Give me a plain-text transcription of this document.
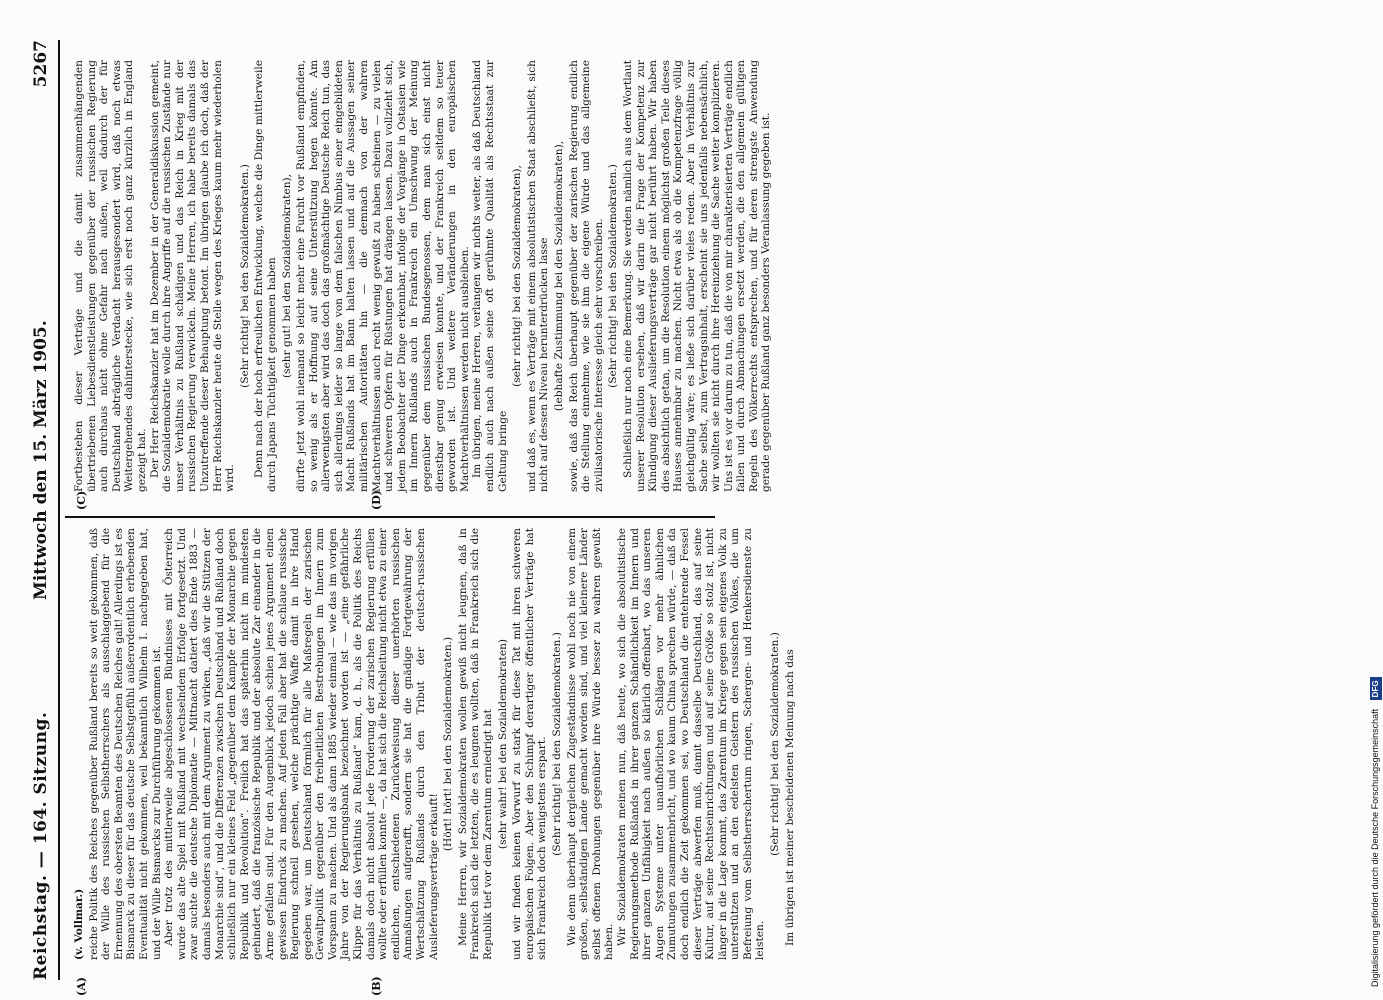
Reichstag. — 164. Sitzung.
Mittwoch den 15. März 1905.
5267
(A)	(B)
(C)	(D)

(v. Vollmar.) reiche Politik des Reiches gegenüber Rußland bereits so weit gekommen, daß der Wille des russischen Selbstherrschers als ausschlaggebend für die Ernennung des obersten Beamten des Deutschen Reiches galt! Allerdings ist es Bismarck zu dieser für das deutsche Selbstgefühl außerordentlich erhebenden Eventualität nicht gekommen, weil bekanntlich Wilhelm I. nachgegeben hat, und der Wille Bismarcks zur Durchführung gekommen ist. Aber trotz des mittlerweile abgeschlossenen Bündnisses mit Österreich wurde das alte Spiel mit Rußland mit wechselndem Erfolge fortgesetzt. Und zwar suchte die deutsche Diplomatie — Mittnacht datiert dies Ende 1883 — damals besonders auch mit dem Argument zu wirken, „daß wir die Stützen der Monarchie sind“, und die Differenzen zwischen Deutschland und Rußland doch schließlich nur ein kleines Feld „gegenüber dem Kampfe der Monarchie gegen Republik und Revolution“. Freilich hat das späterhin nicht im mindesten gehindert, daß die französische Republik und der absolute Zar einander in die Arme gefallen sind. Für den Augenblick jedoch schien jenes Argument einen gewissen Eindruck zu machen. Auf jeden Fall aber hat die schlaue russische Regierung schnell gesehen, welche prächtige Waffe damit in ihre Hand gegeben war, um Deutschland förmlich für alle Maßregeln der zarischen Gewaltpolitik gegenüber den freiheitlichen Bestrebungen im Innern zum Vorspann zu machen. Und als dann 1885 wieder einmal — wie das im vorigen Jahre von der Regierungsbank bezeichnet worden ist — „eine gefährliche Klippe für das Verhältnis zu Rußland“ kam, d. h., als die Politik des Reichs damals doch nicht absolut jede Forderung der zarischen Regierung erfüllen wollte oder erfüllen konnte —, da hat sich die Reichsleitung nicht etwa zu einer endlichen, entschiedenen Zurückweisung dieser unerhörten russischen Anmaßungen aufgerafft, sondern sie hat die gnädige Fortgewährung der Wertschätzung Rußlands durch den Tribut der deutsch-russischen Auslieferungsverträge erkauft!

(Hört! hört! bei den Sozialdemokraten.) Meine Herren, wir Sozialdemokraten wollen gewiß nicht leugnen, daß in Frankreich sich die letzten, die es leugnen wollten, daß in Frankreich sich die Republik tief vor dem Zarentum erniedrigt hat (sehr wahr! bei den Sozialdemokraten) und wir finden keinen Vorwurf zu stark für diese Tat mit ihren schweren europäischen Folgen. Aber den Schimpf derartiger öffentlicher Verträge hat sich Frankreich doch wenigstens erspart. (Sehr richtig! bei den Sozialdemokraten.) Wie denn überhaupt dergleichen Zugeständnisse wohl noch nie von einem großen, selbständigen Lande gemacht worden sind, und viel kleinere Länder selbst offenen Drohungen gegenüber ihre Würde besser zu wahren gewußt haben. Wir Sozialdemokraten meinen nun, daß heute, wo sich die absolutistische Regierungsmethode Rußlands in ihrer ganzen Schändlichkeit im Innern und ihrer ganzen Unfähigkeit nach außen so klärlich offenbart, wo das unseren Augen Systeme unter unaufhörlichen Schlägen vor mehr ähnlichen Zumutungen zusammenbricht, und wo kaum China sprechen würde, — daß da doch endlich die Zeit gekommen sei, wo Deutschland die entehrende Fessel dieser Verträge abwerfen muß, damit dasselbe Deutschland, das auf seine Kultur, auf seine Rechtseinrichtungen und auf seine Größe so stolz ist, nicht länger in die Lage kommt, das Zarentum im Kriege gegen sein eigenes Volk zu unterstützen und an den edelsten Geistern des russischen Volkes, die um Befreiung vom Selbstherrschertum ringen, Schergen- und Henkersdienste zu leisten.

(Sehr richtig! bei den Sozialdemokraten.) Im übrigen ist meiner bescheidenen Meinung nach das

Fortbestehen dieser Verträge und die damit zusammenhängenden übertriebenen Liebesdienstleistungen gegenüber der russischen Regierung auch durchaus nicht ohne Gefahr nach außen, weil dadurch der für Deutschland abträgliche Verdacht herausgesondert wird, daß noch etwas Weitergehendes dahinterstecke, wie sich erst noch ganz kürzlich in England gezeigt hat. Der Herr Reichskanzler hat im Dezember in der Generaldiskussion gemeint, die Sozialdemokratie wolle durch ihre Angriffe auf die russischen Zustände nur unser Verhältnis zu Rußland schädigen und das Reich in Krieg mit der russischen Regierung verwickeln. Meine Herren, ich habe bereits damals das Unzutreffende dieser Behauptung betont. Im übrigen glaube ich doch, daß der Herr Reichskanzler heute die Stelle wegen des Krieges kaum mehr wiederholen wird.

(Sehr richtig! bei den Sozialdemokraten.) Denn nach der hoch erfreulichen Entwicklung, welche die Dinge mittlerweile durch Japans Tüchtigkeit genommen haben (sehr gut! bei den Sozialdemokraten), dürfte jetzt wohl niemand so leicht mehr eine Furcht vor Rußland empfinden, so wenig als er Hoffnung auf seine Unterstützung hegen könnte. Am allerwenigsten aber wird das doch das großmächtige Deutsche Reich tun, das sich allerdings leider so lange von dem falschen Nimbus einer eingebildeten Macht Rußlands hat im Bann halten lassen und auf die Aussagen seiner militärischen Autoritäten hin — die demnach von der wahren Machtverhältnissen auch recht wenig gewußt zu haben scheinen — zu vielen und schweren Opfern für Rüstungen hat drängen lassen. Dazu vollzieht sich, jedem Beobachter der Dinge erkennbar, infolge der Vorgänge in Ostasien wie im Innern Rußlands auch in Frankreich ein Umschwung der Meinung gegenüber dem russischen Bundesgenossen, dem man sich einst nicht dienstbar genug erweisen konnte, und der Frankreich seitdem so teuer geworden ist. Und weitere Veränderungen in den europäischen Machtverhältnissen werden nicht ausbleiben. Im übrigen, meine Herren, verlangen wir nichts weiter, als daß Deutschland endlich auch nach außen seine oft gerühmte Qualität als Rechtsstaat zur Geltung bringe

(sehr richtig! bei den Sozialdemokraten), und daß es, wenn es Verträge mit einem absolutistischen Staat abschließt, sich nicht auf dessen Niveau herunterdrücken lasse (lebhafte Zustimmung bei den Sozialdemokraten), sowie, daß das Reich überhaupt gegenüber der zarischen Regierung endlich die Stellung einnehme, wie sie ihm die eigene Würde und das allgemeine zivilisatorische Interesse gleich sehr vorschreiben. (Sehr richtig! bei den Sozialdemokraten.) Schließlich nur noch eine Bemerkung. Sie werden nämlich aus dem Wortlaut unserer Resolution ersehen, daß wir darin die Frage der Kompetenz zur Kündigung dieser Auslieferungsverträge gar nicht berührt haben. Wir haben dies absichtlich getan, um die Resolution einem möglichst großen Teile dieses Hauses annehmbar zu machen. Nicht etwa als ob die Kompetenzfrage völlig gleichgültig wäre; es ließe sich darüber vieles reden. Aber in Verhältnis zur Sache selbst, zum Vertragsinhalt, erscheint sie uns jedenfalls nebensächlich, wir wollten sie nicht durch ihre Hereinziehung die Sache weiter komplizieren. Uns ist es vor darum zu tun, daß die von mir charakterisierten Verträge endlich fallen und durch Abmachungen ersetzt werden, die den allgemein gültigen Regeln des Völkerrechts entsprechen, und für deren strengste Anwendung gerade gegenüber Rußland ganz besonders Veranlassung gegeben ist.

Digitalisierung gefördert durch die Deutsche Forschungsgemeinschaft DFG
